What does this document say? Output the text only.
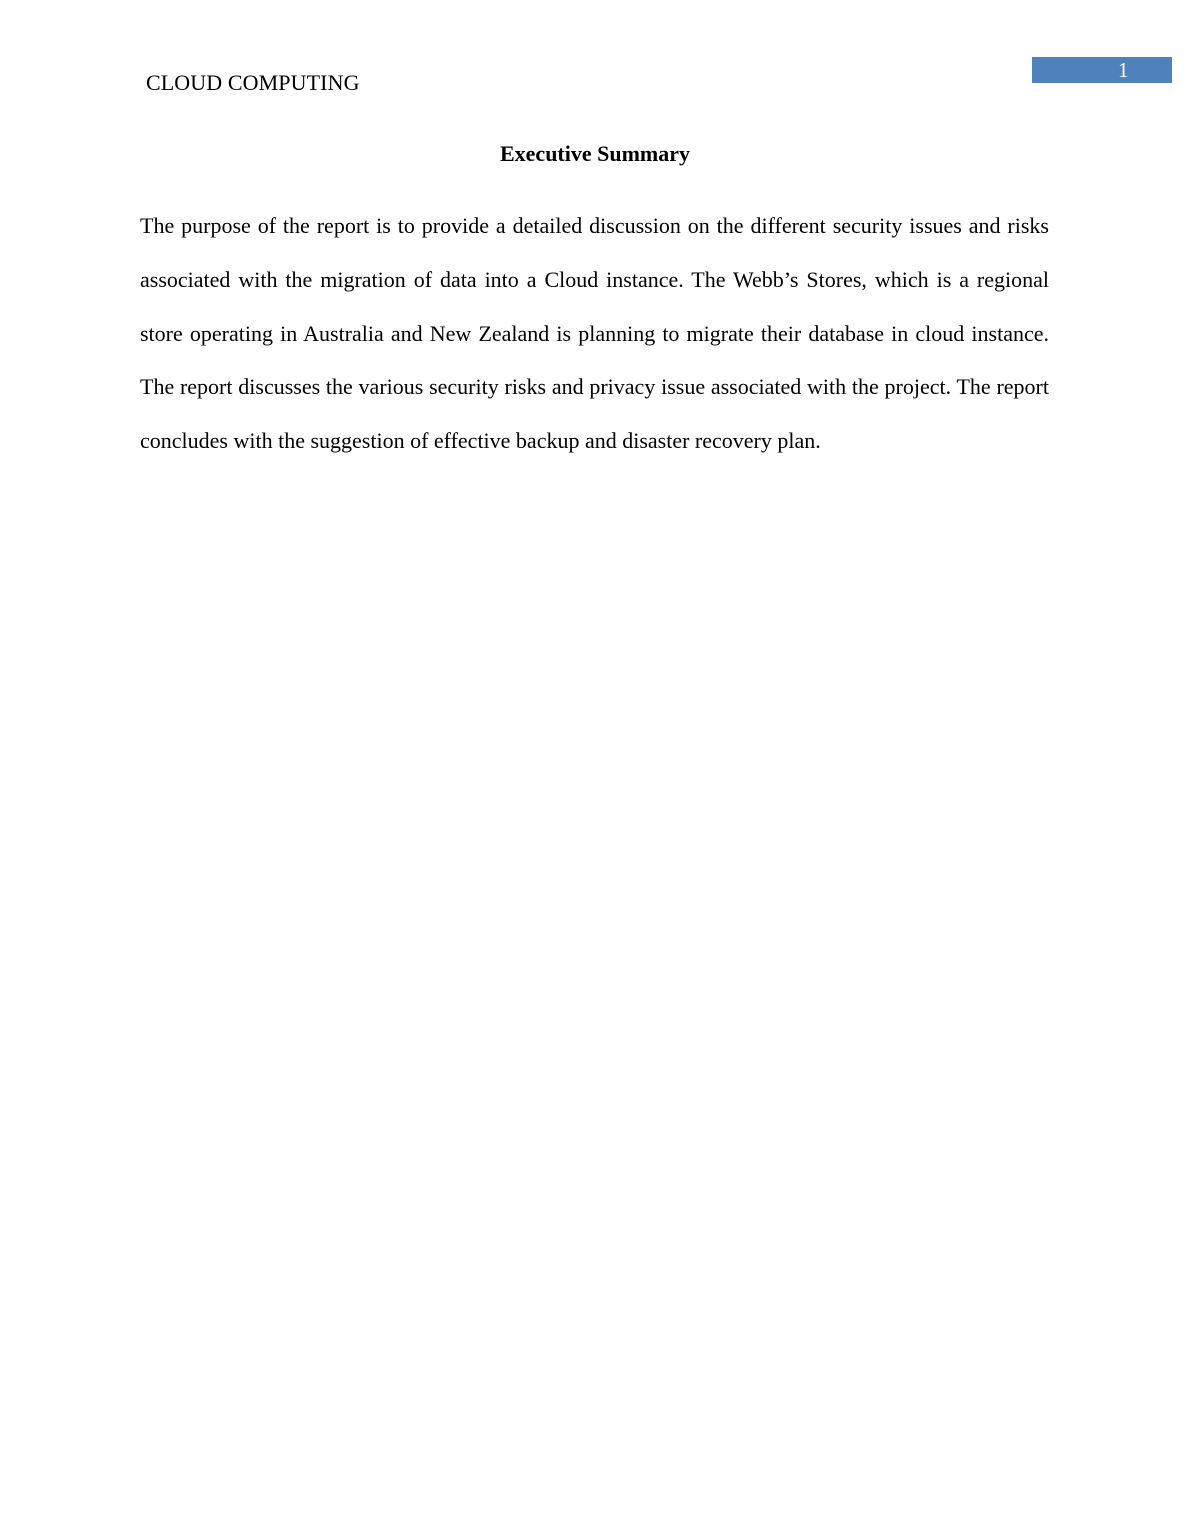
CLOUD COMPUTING	1
Executive Summary

The purpose of the report is to provide a detailed discussion on the different security issues and risks associated with the migration of data into a Cloud instance. The Webb’s Stores, which is a regional store operating in Australia and New Zealand is planning to migrate their database in cloud instance. The report discusses the various security risks and privacy issue associated with the project. The report concludes with the suggestion of effective backup and disaster recovery plan.
